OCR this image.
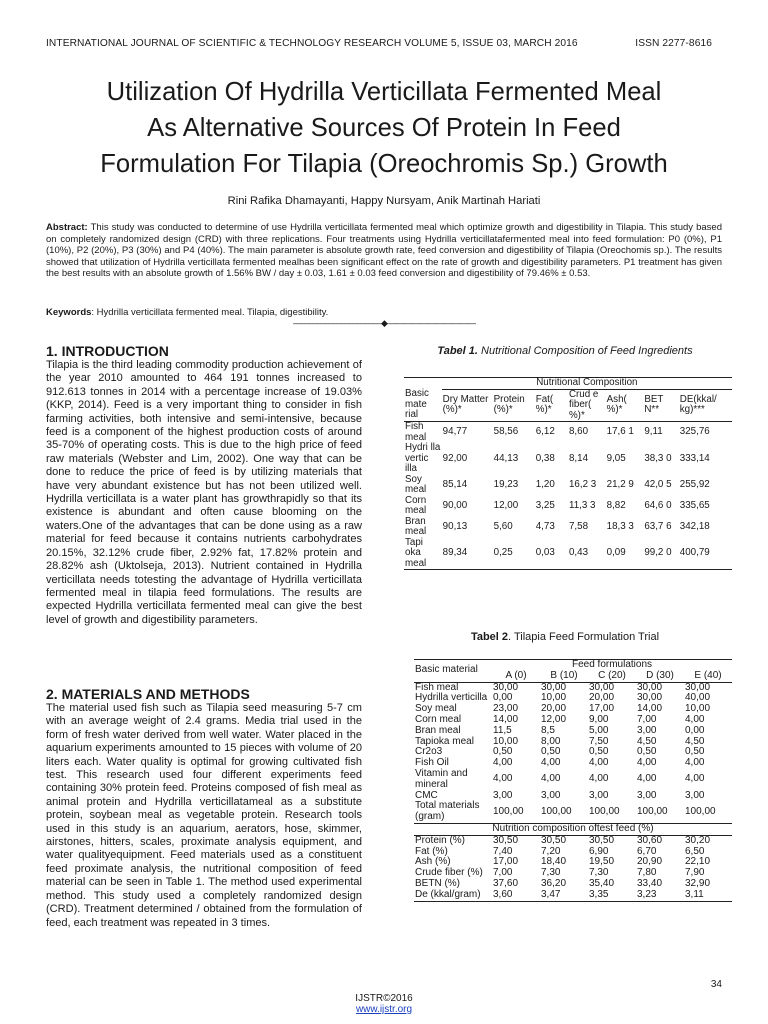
INTERNATIONAL JOURNAL OF SCIENTIFIC & TECHNOLOGY RESEARCH VOLUME 5, ISSUE 03, MARCH 2016	ISSN 2277-8616
Utilization Of Hydrilla Verticillata Fermented Meal
As Alternative Sources Of Protein In Feed
Formulation For Tilapia (Oreochromis Sp.) Growth
Rini Rafika Dhamayanti, Happy Nursyam, Anik Martinah Hariati
Abstract: This study was conducted to determine of use Hydrilla verticillata fermented meal which optimize growth and digestibility in Tilapia. This study based on completely randomized design (CRD) with three replications. Four treatments using Hydrilla verticillatafermented meal into feed formulation: P0 (0%), P1 (10%), P2 (20%), P3 (30%) and P4 (40%). The main parameter is absolute growth rate, feed conversion and digestibility of Tilapia (Oreochomis sp.). The results showed that utilization of Hydrilla verticillata fermented mealhas been significant effect on the rate of growth and digestibility parameters. P1 treatment has given the best results with an absolute growth of 1.56% BW / day ± 0.03, 1.61 ± 0.03 feed conversion and digestibility of 79.46% ± 0.53.
Keywords: Hydrilla verticillata fermented meal. Tilapia, digestibility.
———————————◆———————————
1. INTRODUCTION
Tilapia is the third leading commodity production achievement of the year 2010 amounted to 464 191 tonnes increased to 912.613 tonnes in 2014 with a percentage increase of 19.03% (KKP, 2014). Feed is a very important thing to consider in fish farming activities, both intensive and semi-intensive, because feed is a component of the highest production costs of around 35-70% of operating costs. This is due to the high price of feed raw materials (Webster and Lim, 2002). One way that can be done to reduce the price of feed is by utilizing materials that have very abundant existence but has not been utilized well. Hydrilla verticillata is a water plant has growthrapidly so that its existence is abundant and often cause blooming on the waters.One of the advantages that can be done using as a raw material for feed because it contains nutrients carbohydrates 20.15%, 32.12% crude fiber, 2.92% fat, 17.82% protein and 28.82% ash (Uktolseja, 2013). Nutrient contained in Hydrilla verticillata needs totesting the advantage of Hydrilla verticillata fermented meal in tilapia feed formulations. The results are expected Hydrilla verticillata fermented meal can give the best level of growth and digestibility parameters.
2. MATERIALS AND METHODS
The material used fish such as Tilapia seed measuring 5-7 cm with an average weight of 2.4 grams. Media trial used in the form of fresh water derived from well water. Water placed in the aquarium experiments amounted to 15 pieces with volume of 20 liters each. Water quality is optimal for growing cultivated fish test. This research used four different experiments feed containing 30% protein feed. Proteins composed of fish meal as animal protein and Hydrilla verticillatameal as a substitute protein, soybean meal as vegetable protein. Research tools used in this study is an aquarium, aerators, hose, skimmer, airstones, hitters, scales, proximate analysis equipment, and water qualityequipment. Feed materials used as a constituent feed proximate analysis, the nutritional composition of feed material can be seen in Table 1. The method used experimental method. This study used a completely randomized design (CRD). Treatment determined / obtained from the formulation of feed, each treatment was repeated in 3 times.
Tabel 1. Nutritional Composition of Feed Ingredients
	Nutritional Composition						
Basic mate rial	Dry Matter (%)*	Protein (%)*	Fat( %)*	Crud e fiber( %)*	Ash( %)*	BET N**	DE(kkal/ kg)***
Fish meal	94,77	58,56	6,12	8,60	17,6 1	9,11	325,76
Hydri lla vertic illa	92,00	44,13	0,38	8,14	9,05	38,3 0	333,14
Soy meal	85,14	19,23	1,20	16,2 3	21,2 9	42,0 5	255,92
Corn meal	90,00	12,00	3,25	11,3 3	8,82	64,6 0	335,65
Bran meal	90,13	5,60	4,73	7,58	18,3 3	63,7 6	342,18
Tapi oka meal	89,34	0,25	0,03	0,43	0,09	99,2 0	400,79
Tabel 2. Tilapia Feed Formulation Trial
Basic material	Feed formulations				
	A (0)	B (10)	C (20)	D (30)	E (40)
Fish meal	30,00	30,00	30,00	30,00	30,00
Hydrilla verticilla	0,00	10,00	20,00	30,00	40,00
Soy meal	23,00	20,00	17,00	14,00	10,00
Corn meal	14,00	12,00	9,00	7,00	4,00
Bran meal	11,5	8,5	5,00	3,00	0,00
Tapioka meal	10,00	8,00	7,50	4,50	4,50
Cr2o3	0,50	0,50	0,50	0,50	0,50
Fish Oil	4,00	4,00	4,00	4,00	4,00
Vitamin and mineral	4,00	4,00	4,00	4,00	4,00
CMC	3,00	3,00	3,00	3,00	3,00
Total materials (gram)	100,00	100,00	100,00	100,00	100,00
Nutrition composition oftest feed (%)					
Protein (%)	30,50	30,50	30,50	30,60	30,20
Fat (%)	7,40	7,20	6,90	6,70	6,50
Ash (%)	17,00	18,40	19,50	20,90	22,10
Crude fiber (%)	7,00	7,30	7,30	7,80	7,90
BETN (%)	37,60	36,20	35,40	33,40	32,90
De (kkal/gram)	3,60	3,47	3,35	3,23	3,11
34
IJSTR©2016
www.ijstr.org
